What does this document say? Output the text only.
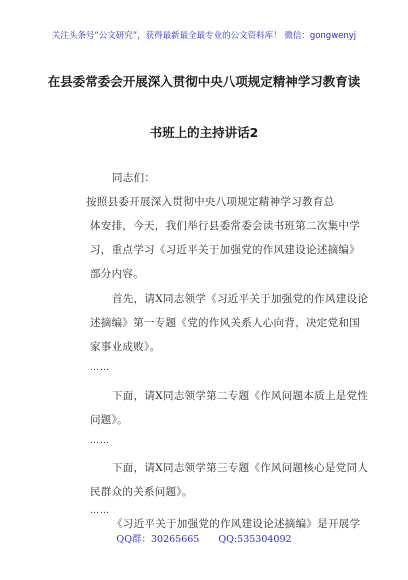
关注头条号“公文研究”，获得最新最全最专业的公文资料库！ 微信：gongwenyj
在县委常委会开展深入贯彻中央八项规定精神学习教育读
书班上的主持讲话2
同志们：
按照县委开展深入贯彻中央八项规定精神学习教育总
体安排，今天，我们举行县委常委会读书班第二次集中学
习，重点学习《习近平关于加强党的作风建设论述摘编》
部分内容。
首先，请X同志领学《习近平关于加强党的作风建设论
述摘编》第一专题《党的作风关系人心向背，决定党和国
家事业成败》。
……
下面，请X同志领学第二专题《作风问题本质上是党性
问题》。
……
下面，请X同志领学第三专题《作风问题核心是党同人
民群众的关系问题》。
……
《习近平关于加强党的作风建设论述摘编》是开展学
QQ群：30265665 QQ:535304092
